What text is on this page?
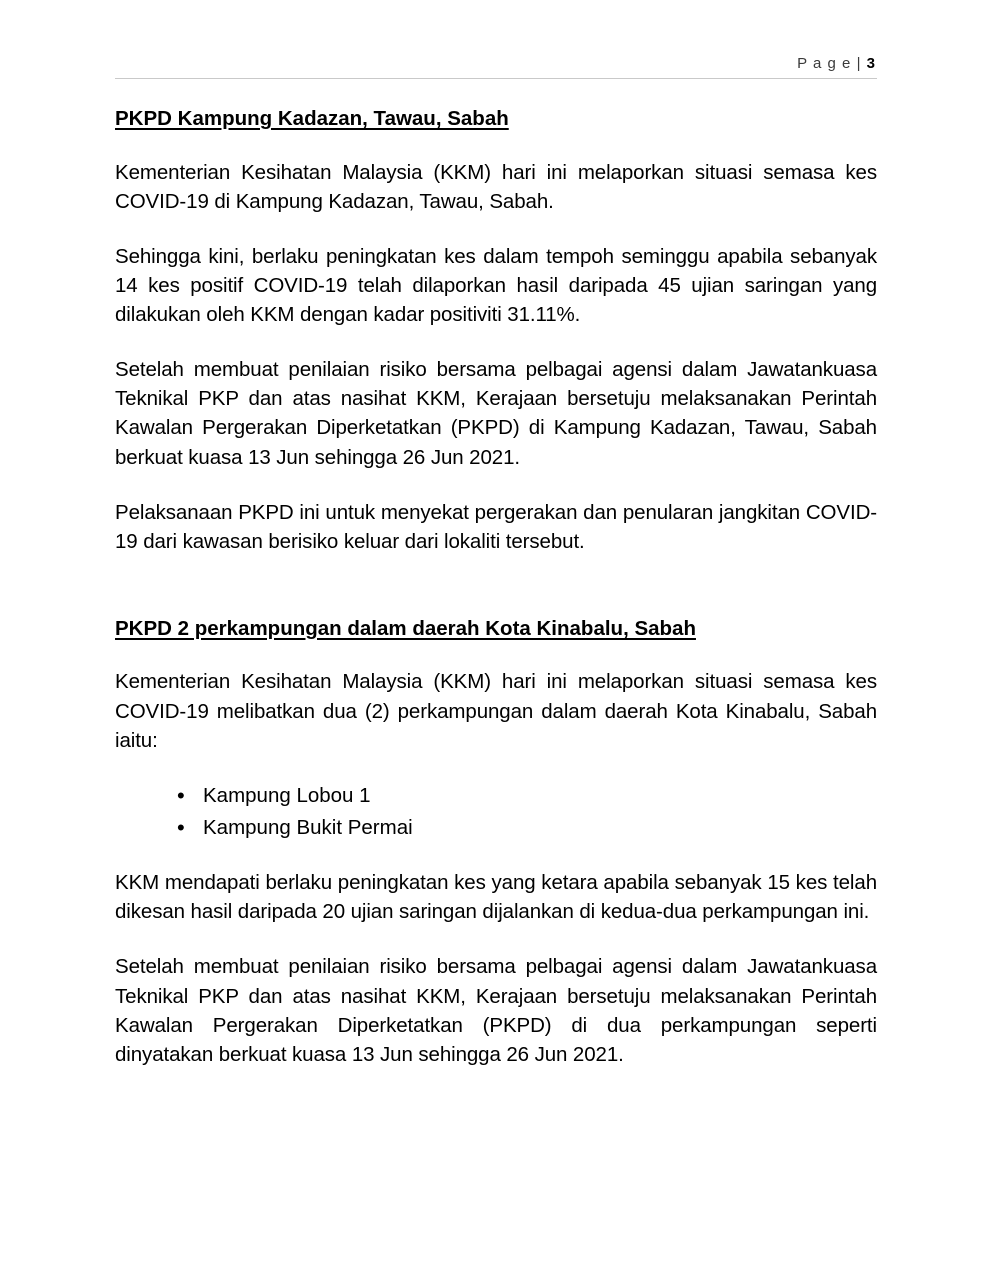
P a g e | 3
PKPD Kampung Kadazan, Tawau, Sabah

Kementerian Kesihatan Malaysia (KKM) hari ini melaporkan situasi semasa kes COVID-19 di Kampung Kadazan, Tawau, Sabah.

Sehingga kini, berlaku peningkatan kes dalam tempoh seminggu apabila sebanyak 14 kes positif COVID-19 telah dilaporkan hasil daripada 45 ujian saringan yang dilakukan oleh KKM dengan kadar positiviti 31.11%.

Setelah membuat penilaian risiko bersama pelbagai agensi dalam Jawatankuasa Teknikal PKP dan atas nasihat KKM, Kerajaan bersetuju melaksanakan Perintah Kawalan Pergerakan Diperketatkan (PKPD) di Kampung Kadazan, Tawau, Sabah berkuat kuasa 13 Jun sehingga 26 Jun 2021.

Pelaksanaan PKPD ini untuk menyekat pergerakan dan penularan jangkitan COVID-19 dari kawasan berisiko keluar dari lokaliti tersebut.

PKPD 2 perkampungan dalam daerah Kota Kinabalu, Sabah

Kementerian Kesihatan Malaysia (KKM) hari ini melaporkan situasi semasa kes COVID-19 melibatkan dua (2) perkampungan dalam daerah Kota Kinabalu, Sabah iaitu:

• Kampung Lobou 1
• Kampung Bukit Permai

KKM mendapati berlaku peningkatan kes yang ketara apabila sebanyak 15 kes telah dikesan hasil daripada 20 ujian saringan dijalankan di kedua-dua perkampungan ini.

Setelah membuat penilaian risiko bersama pelbagai agensi dalam Jawatankuasa Teknikal PKP dan atas nasihat KKM, Kerajaan bersetuju melaksanakan Perintah Kawalan Pergerakan Diperketatkan (PKPD) di dua perkampungan seperti dinyatakan berkuat kuasa 13 Jun sehingga 26 Jun 2021.
